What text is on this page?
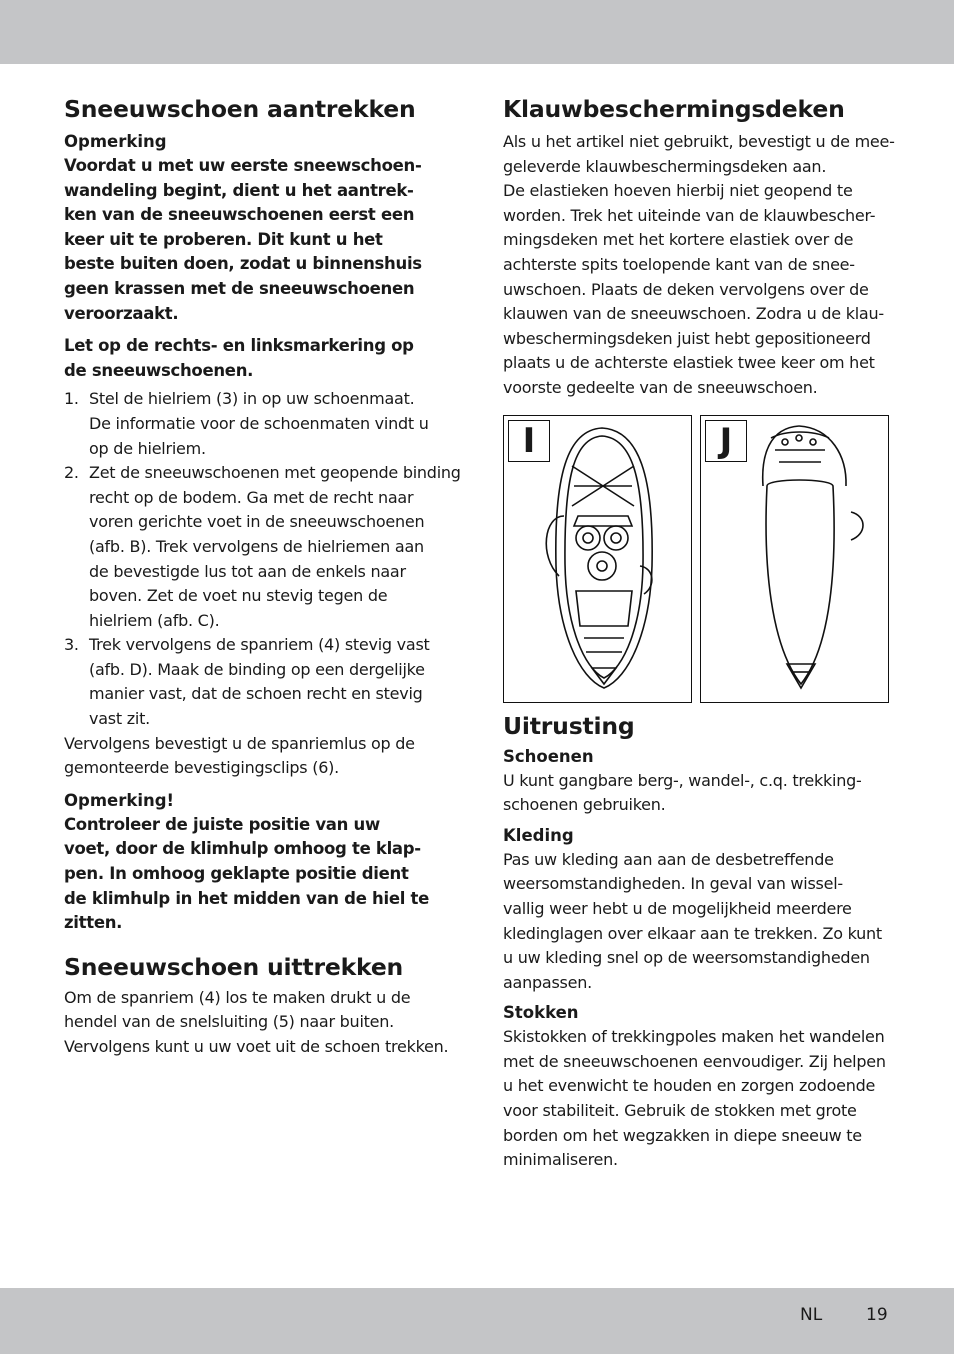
Sneeuwschoen aantrekken
Opmerking

Voordat u met uw eerste sneewschoen-
wandeling begint, dient u het aantrek-
ken van de sneeuwschoenen eerst een
keer uit te proberen. Dit kunt u het
beste buiten doen, zodat u binnenshuis
geen krassen met de sneeuwschoenen
veroorzaakt.

Let op de rechts- en linksmarkering op
de sneeuwschoenen.

1. Stel de hielriem (3) in op uw schoenmaat.
De informatie voor de schoenmaten vindt u
op de hielriem.
2. Zet de sneeuwschoenen met geopende binding
recht op de bodem. Ga met de recht naar
voren gerichte voet in de sneeuwschoenen
(afb. B). Trek vervolgens de hielriemen aan
de bevestigde lus tot aan de enkels naar
boven. Zet de voet nu stevig tegen de
hielriem (afb. C).
3. Trek vervolgens de spanriem (4) stevig vast
(afb. D). Maak de binding op een dergelijke
manier vast, dat de schoen recht en stevig
vast zit.

Vervolgens bevestigt u de spanriemlus op de
gemonteerde bevestigingsclips (6).

Opmerking!

Controleer de juiste positie van uw
voet, door de klimhulp omhoog te klap-
pen. In omhoog geklapte positie dient
de klimhulp in het midden van de hiel te
zitten.

Sneeuwschoen uittrekken

Om de spanriem (4) los te maken drukt u de
hendel van de snelsluiting (5) naar buiten.
Vervolgens kunt u uw voet uit de schoen trekken.

Klauwbeschermingsdeken

Als u het artikel niet gebruikt, bevestigt u de mee-
geleverde klauwbeschermingsdeken aan.
De elastieken hoeven hierbij niet geopend te
worden. Trek het uiteinde van de klauwbescher-
mingsdeken met het kortere elastiek over de
achterste spits toelopende kant van de snee-
uwschoen. Plaats de deken vervolgens over de
klauwen van de sneeuwschoen. Zodra u de klau-
wbeschermingsdeken juist hebt gepositioneerd
plaats u de achterste elastiek twee keer om het
voorste gedeelte van de sneeuwschoen.

I	J
Uitrusting
Schoenen

U kunt gangbare berg-, wandel-, c.q. trekking-
schoenen gebruiken.

Kleding

Pas uw kleding aan aan de desbetreffende
weersomstandigheden. In geval van wissel-
vallig weer hebt u de mogelijkheid meerdere
kledinglagen over elkaar aan te trekken. Zo kunt
u uw kleding snel op de weersomstandigheden
aanpassen.

Stokken

Skistokken of trekkingpoles maken het wandelen
met de sneeuwschoenen eenvoudiger. Zij helpen
u het evenwicht te houden en zorgen zodoende
voor stabiliteit. Gebruik de stokken met grote
borden om het wegzakken in diepe sneeuw te
minimaliseren.

NL	19
